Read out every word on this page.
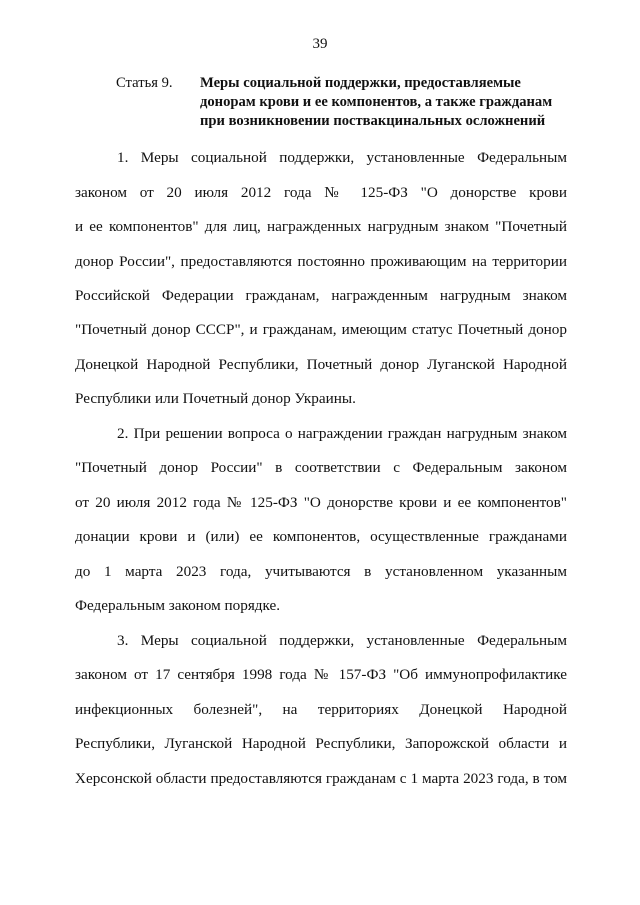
39
Статья 9. Меры социальной поддержки, предоставляемые
донорам крови и ее компонентов, а также гражданам
при возникновении поствакцинальных осложнений
1. Меры социальной поддержки, установленные Федеральным
законом от 20 июля 2012 года № 125-ФЗ "О донорстве крови
и ее компонентов" для лиц, награжденных нагрудным знаком "Почетный
донор России", предоставляются постоянно проживающим на территории
Российской Федерации гражданам, награжденным нагрудным знаком
"Почетный донор СССР", и гражданам, имеющим статус Почетный донор
Донецкой Народной Республики, Почетный донор Луганской Народной
Республики или Почетный донор Украины.
2. При решении вопроса о награждении граждан нагрудным знаком
"Почетный донор России" в соответствии с Федеральным законом
от 20 июля 2012 года № 125-ФЗ "О донорстве крови и ее компонентов"
донации крови и (или) ее компонентов, осуществленные гражданами
до 1 марта 2023 года, учитываются в установленном указанным
Федеральным законом порядке.
3. Меры социальной поддержки, установленные Федеральным
законом от 17 сентября 1998 года № 157-ФЗ "Об иммунопрофилактике
инфекционных болезней", на территориях Донецкой Народной
Республики, Луганской Народной Республики, Запорожской области и
Херсонской области предоставляются гражданам с 1 марта 2023 года, в том
